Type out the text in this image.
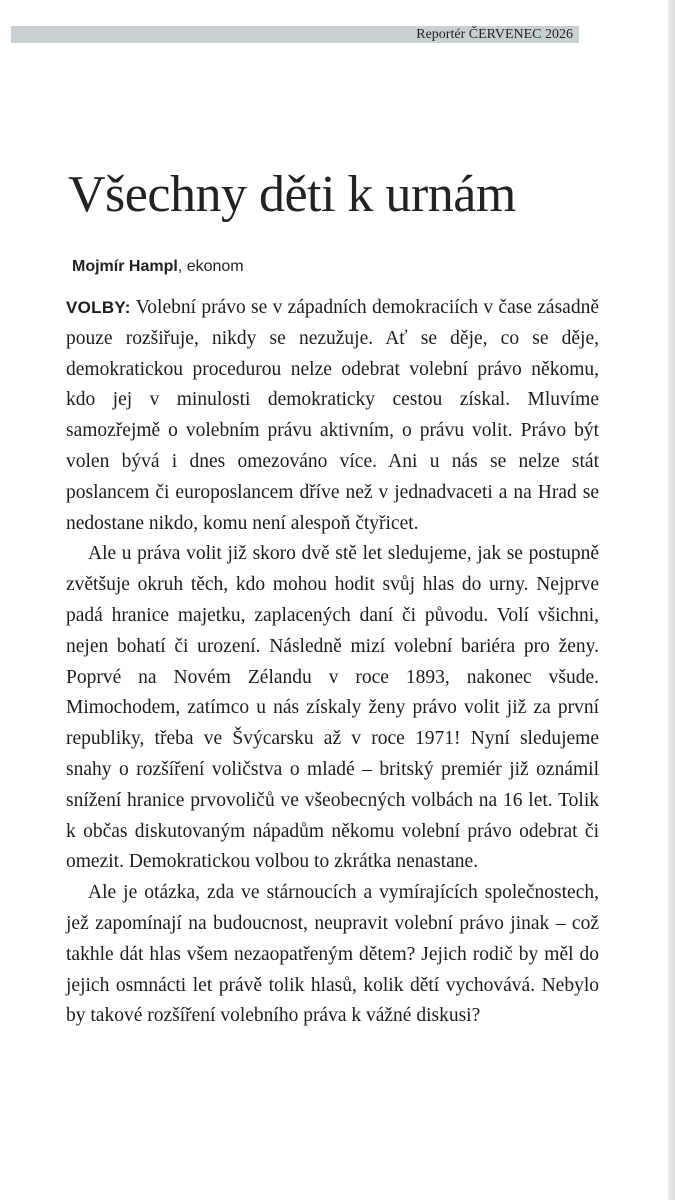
Reportér ČERVENEC 2026
Všechny děti k urnám

Mojmír Hampl, ekonom

VOLBY: Volební právo se v západních demokraciích v čase zásadně pouze rozšiřuje, nikdy se nezužuje. Ať se děje, co se děje, demokratickou procedurou nelze odebrat volební právo někomu, kdo jej v minulosti demokraticky cestou získal. Mluvíme samozřejmě o volebním právu aktivním, o právu volit. Právo být volen bývá i dnes omezováno více. Ani u nás se nelze stát poslancem či europoslancem dříve než v jednadvaceti a na Hrad se nedostane nikdo, komu není alespoň čtyřicet.

Ale u práva volit již skoro dvě stě let sledujeme, jak se postupně zvětšuje okruh těch, kdo mohou hodit svůj hlas do urny. Nejprve padá hranice majetku, zaplacených daní či původu. Volí všichni, nejen bohatí či urození. Následně mizí volební bariéra pro ženy. Poprvé na Novém Zélandu v roce 1893, nakonec všude. Mimochodem, zatímco u nás získaly ženy právo volit již za první republiky, třeba ve Švýcarsku až v roce 1971! Nyní sledujeme snahy o rozšíření voličstva o mladé – britský premiér již oznámil snížení hranice prvovoličů ve všeobecných volbách na 16 let. Tolik k občas diskutovaným nápadům někomu volební právo odebrat či omezit. Demokratickou volbou to zkrátka nenastane.

Ale je otázka, zda ve stárnoucích a vymírajících společnostech, jež zapomínají na budoucnost, neupravit volební právo jinak – což takhle dát hlas všem nezaopatřeným dětem? Jejich rodič by měl do jejich osmnácti let právě tolik hlasů, kolik dětí vychovává. Nebylo by takové rozšíření volebního práva k vážné diskusi?
